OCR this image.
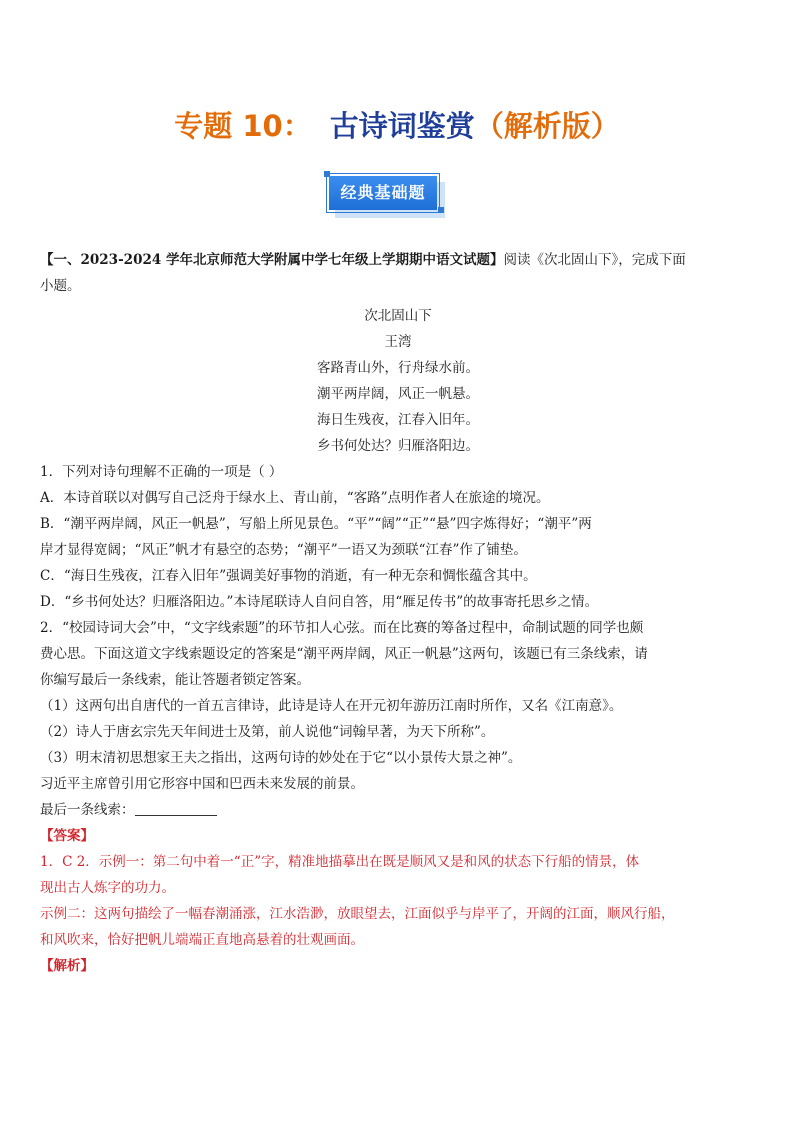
专题 10： 古诗词鉴赏（解析版）
经典基础题

【一、2023-2024 学年北京师范大学附属中学七年级上学期期中语文试题】阅读《次北固山下》，完成下面

小题。

次北固山下

王湾

客路青山外，行舟绿水前。

潮平两岸阔，风正一帆悬。

海日生残夜，江春入旧年。

乡书何处达？归雁洛阳边。

1．下列对诗句理解不正确的一项是（ ）

A．本诗首联以对偶写自己泛舟于绿水上、青山前，“客路”点明作者人在旅途的境况。

B．“潮平两岸阔，风正一帆悬”，写船上所见景色。“平”“阔”“正”“悬”四字炼得好；“潮平”两

岸才显得宽阔；“风正”帆才有悬空的态势；“潮平”一语又为颈联“江春”作了铺垫。

C．“海日生残夜，江春入旧年”强调美好事物的消逝，有一种无奈和惆怅蕴含其中。

D．“乡书何处达？归雁洛阳边。”本诗尾联诗人自问自答，用“雁足传书”的故事寄托思乡之情。

2．“校园诗词大会”中，“文字线索题”的环节扣人心弦。而在比赛的筹备过程中，命制试题的同学也颇

费心思。下面这道文字线索题设定的答案是“潮平两岸阔，风正一帆悬”这两句，该题已有三条线索，请

你编写最后一条线索，能让答题者锁定答案。

（1）这两句出自唐代的一首五言律诗，此诗是诗人在开元初年游历江南时所作，又名《江南意》。

（2）诗人于唐玄宗先天年间进士及第，前人说他“词翰早著，为天下所称”。

（3）明末清初思想家王夫之指出，这两句诗的妙处在于它“以小景传大景之神”。

习近平主席曾引用它形容中国和巴西未来发展的前景。

最后一条线索：

【答案】

1．C 2．示例一：第二句中着一“正”字，精准地描摹出在既是顺风又是和风的状态下行船的情景，体

现出古人炼字的功力。

示例二：这两句描绘了一幅春潮涌涨，江水浩渺，放眼望去，江面似乎与岸平了，开阔的江面，顺风行船，

和风吹来，恰好把帆儿端端正直地高悬着的壮观画面。

【解析】
